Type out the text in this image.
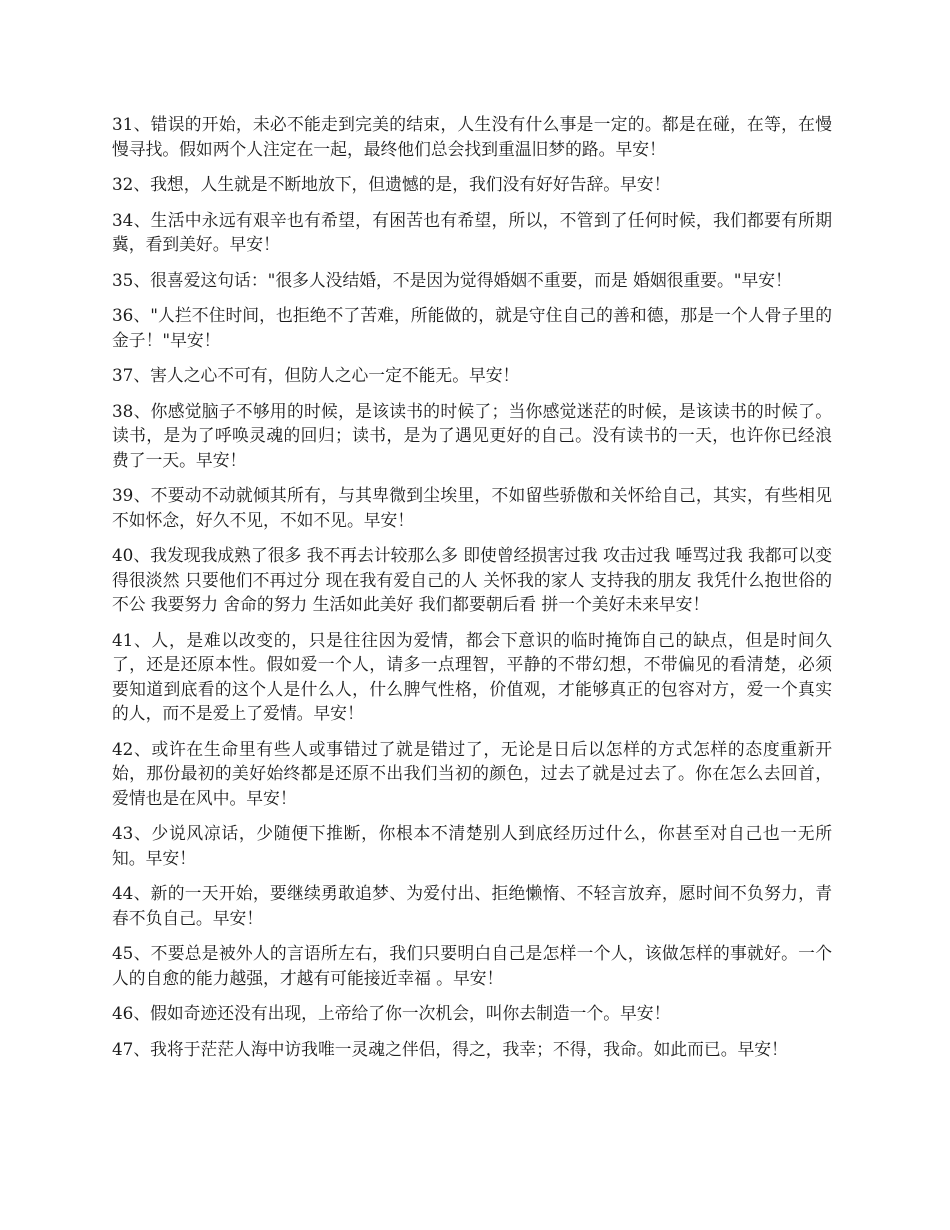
31、错误的开始，未必不能走到完美的结束，人生没有什么事是一定的。都是在碰，在等，在慢慢寻找。假如两个人注定在一起，最终他们总会找到重温旧梦的路。早安！

32、我想，人生就是不断地放下，但遗憾的是，我们没有好好告辞。早安！

34、生活中永远有艰辛也有希望，有困苦也有希望，所以，不管到了任何时候，我们都要有所期冀，看到美好。早安！

35、很喜爱这句话："很多人没结婚，不是因为觉得婚姻不重要，而是 婚姻很重要。"早安！

36、"人拦不住时间，也拒绝不了苦难，所能做的，就是守住自己的善和德，那是一个人骨子里的金子！"早安！

37、害人之心不可有，但防人之心一定不能无。早安！

38、你感觉脑子不够用的时候，是该读书的时候了；当你感觉迷茫的时候，是该读书的时候了。读书，是为了呼唤灵魂的回归；读书，是为了遇见更好的自己。没有读书的一天，也许你已经浪费了一天。早安！

39、不要动不动就倾其所有，与其卑微到尘埃里，不如留些骄傲和关怀给自己，其实，有些相见不如怀念，好久不见，不如不见。早安！

40、我发现我成熟了很多 我不再去计较那么多 即使曾经损害过我 攻击过我 唾骂过我 我都可以变得很淡然 只要他们不再过分 现在我有爱自己的人 关怀我的家人 支持我的朋友 我凭什么抱世俗的不公 我要努力 舍命的努力 生活如此美好 我们都要朝后看 拼一个美好未来早安！

41、人，是难以改变的，只是往往因为爱情，都会下意识的临时掩饰自己的缺点，但是时间久了，还是还原本性。假如爱一个人，请多一点理智，平静的不带幻想，不带偏见的看清楚，必须要知道到底看的这个人是什么人，什么脾气性格，价值观，才能够真正的包容对方，爱一个真实的人，而不是爱上了爱情。早安！

42、或许在生命里有些人或事错过了就是错过了，无论是日后以怎样的方式怎样的态度重新开始，那份最初的美好始终都是还原不出我们当初的颜色，过去了就是过去了。你在怎么去回首，爱情也是在风中。早安！

43、少说风凉话，少随便下推断，你根本不清楚别人到底经历过什么，你甚至对自己也一无所知。早安！

44、新的一天开始，要继续勇敢追梦、为爱付出、拒绝懒惰、不轻言放弃，愿时间不负努力，青春不负自己。早安！

45、不要总是被外人的言语所左右，我们只要明白自己是怎样一个人，该做怎样的事就好。一个人的自愈的能力越强，才越有可能接近幸福 。早安！

46、假如奇迹还没有出现，上帝给了你一次机会，叫你去制造一个。早安！

47、我将于茫茫人海中访我唯一灵魂之伴侣，得之，我幸；不得，我命。如此而已。早安！
